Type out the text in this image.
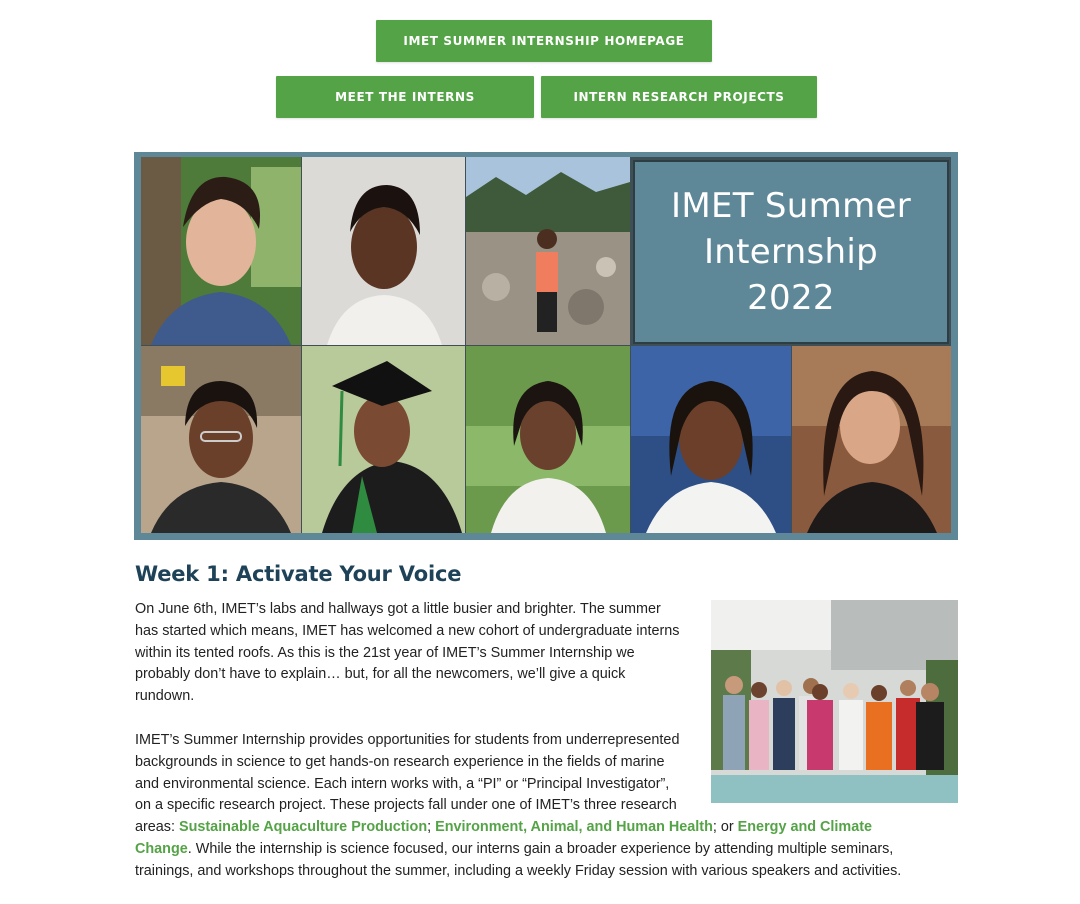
IMET SUMMER INTERNSHIP HOMEPAGE
MEET THE INTERNS	INTERN RESEARCH PROJECTS
IMET Summer
Internship
2022
Week 1: Activate Your Voice

On June 6th, IMET’s labs and hallways got a little busier and brighter. The summer has started which means, IMET has welcomed a new cohort of undergraduate interns within its tented roofs. As this is the 21st year of IMET’s Summer Internship we probably don’t have to explain… but, for all the newcomers, we’ll give a quick rundown.

IMET’s Summer Internship provides opportunities for students from underrepresented backgrounds in science to get hands-on research experience in the fields of marine and environmental science. Each intern works with, a “PI” or “Principal Investigator”, on a specific research project. These projects fall under one of IMET’s three research areas: Sustainable Aquaculture Production; Environment, Animal, and Human Health; or Energy and Climate Change. While the internship is science focused, our interns gain a broader experience by attending multiple seminars, trainings, and workshops throughout the summer, including a weekly Friday session with various speakers and activities.
